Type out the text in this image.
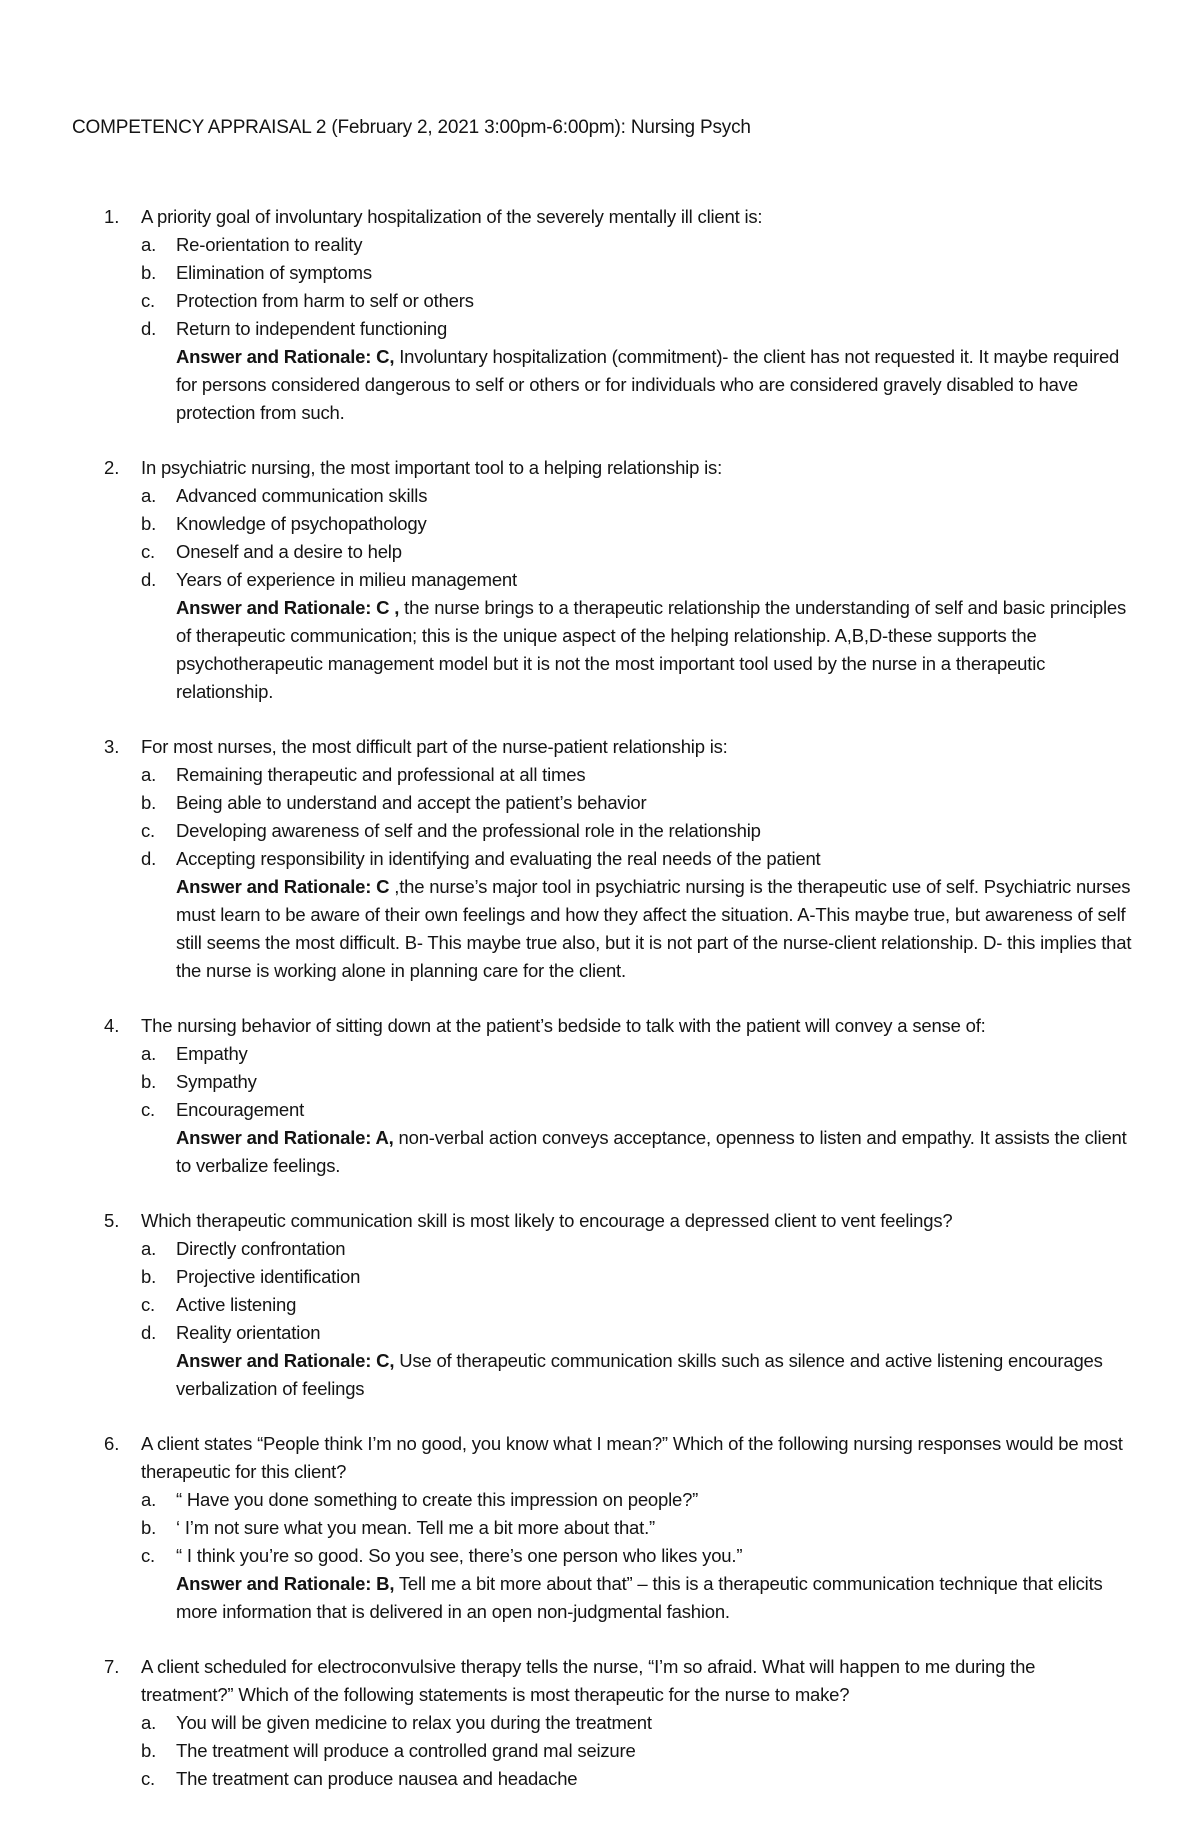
COMPETENCY APPRAISAL 2 (February 2, 2021 3:00pm-6:00pm): Nursing Psych
1. A priority goal of involuntary hospitalization of the severely mentally ill client is:
a. Re-orientation to reality
b. Elimination of symptoms
c. Protection from harm to self or others
d. Return to independent functioning
Answer and Rationale: C, Involuntary hospitalization (commitment)- the client has not requested it. It maybe required for persons considered dangerous to self or others or for individuals who are considered gravely disabled to have protection from such.
2. In psychiatric nursing, the most important tool to a helping relationship is:
a. Advanced communication skills
b. Knowledge of psychopathology
c. Oneself and a desire to help
d. Years of experience in milieu management
Answer and Rationale: C , the nurse brings to a therapeutic relationship the understanding of self and basic principles of therapeutic communication; this is the unique aspect of the helping relationship. A,B,D-these supports the psychotherapeutic management model but it is not the most important tool used by the nurse in a therapeutic relationship.
3. For most nurses, the most difficult part of the nurse-patient relationship is:
a. Remaining therapeutic and professional at all times
b. Being able to understand and accept the patient’s behavior
c. Developing awareness of self and the professional role in the relationship
d. Accepting responsibility in identifying and evaluating the real needs of the patient
Answer and Rationale: C ,the nurse’s major tool in psychiatric nursing is the therapeutic use of self. Psychiatric nurses must learn to be aware of their own feelings and how they affect the situation. A-This maybe true, but awareness of self still seems the most difficult. B- This maybe true also, but it is not part of the nurse-client relationship. D- this implies that the nurse is working alone in planning care for the client.
4. The nursing behavior of sitting down at the patient’s bedside to talk with the patient will convey a sense of:
a. Empathy
b. Sympathy
c. Encouragement
Answer and Rationale: A, non-verbal action conveys acceptance, openness to listen and empathy. It assists the client to verbalize feelings.
5. Which therapeutic communication skill is most likely to encourage a depressed client to vent feelings?
a. Directly confrontation
b. Projective identification
c. Active listening
d. Reality orientation
Answer and Rationale: C, Use of therapeutic communication skills such as silence and active listening encourages verbalization of feelings
6. A client states “People think I’m no good, you know what I mean?” Which of the following nursing responses would be most therapeutic for this client?
a. “ Have you done something to create this impression on people?”
b. ‘ I’m not sure what you mean. Tell me a bit more about that.”
c. “ I think you’re so good. So you see, there’s one person who likes you.”
Answer and Rationale: B, Tell me a bit more about that” – this is a therapeutic communication technique that elicits more information that is delivered in an open non-judgmental fashion.
7. A client scheduled for electroconvulsive therapy tells the nurse, “I’m so afraid. What will happen to me during the treatment?” Which of the following statements is most therapeutic for the nurse to make?
a. You will be given medicine to relax you during the treatment
b. The treatment will produce a controlled grand mal seizure
c. The treatment can produce nausea and headache
